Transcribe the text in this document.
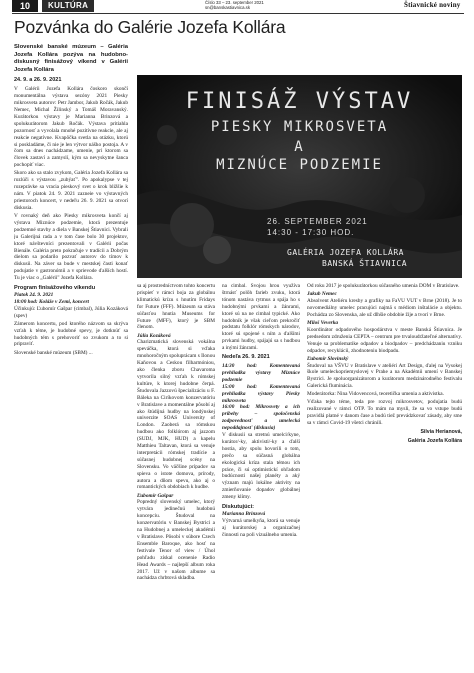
10	KULTÚRA	Číslo 33 – 23. september 2021
sn@banskastiavnica.sk	Štiavnické noviny
Pozvánka do Galérie Jozefa Kollára
FINISÁŽ VÝSTAV
PIESKY MIKROSVETA
A
MIZNÚCE PODZEMIE
26. SEPTEMBER 2021
14:30 - 17:30 HOD.
GALÉRIA JOZEFA KOLLÁRA
BANSKÁ ŠTIAVNICA
Slovenské banské múzeum – Galéria Jozefa Kollára pozýva na hudobno-diskusný finisážový víkend v Galérii Jozefa Kollára
24. 9. a 26. 9. 2021

V Galérii Jozefa Kollára čoskoro skončí monumentálna výstava sezóny 2021 Piesky mikrosveta autorov: Petr Jambor, Jakub Ročák, Jakub Nemec, Michal Žilinský a Tomáš Moravanský. Kurátorkou výstavy je Marianna Brinzová a spolukurátorom Jakub Ročák. Výstava pritiahla pozornosť a vyvolala mnohé pozitívne reakcie, ale aj reakcie negatívne. Kvapôčka svetla na otázku, ktorú si poskladáme, či nie je len výtvor nášho postoja. A v čom sa dnes nachádzame, umenie, pri ktorom sa človek zastaví a zamyslí, kým sa nevyskytne šanca pochopiť viac.

Skoro ako sa stalo zvykom, Galéria Jozefa Kollára sa rozlúči s výstavou „zubýať". Po apokalypse v tej rozeprávke sa vracia pieskový svet o krok bližšie k nám. V piatok 24. 9. 2021 zazneie vo výstavných priestoroch koncert, v nedeľu 26. 9. 2021 sa otvorí diskusia.

V rovnaký deň ako Piesky mikrosveta končí aj výstava Miznúce podzemie, ktorá prezentuje podzemné stavby a diela v Banskej Štiavnici. Vybrali ju Galerijná rada a v tom čase bolo 30 projektov, ktoré návštevníci prezentovali v Galérii počas Bienále. Galéria preto pokračuje v tradícii a Dobrým dielom sa podarilo pozvať autorov do tímov k diskusii. Na záver sa bude v mestskej časti konať podujatie v gastronómii a v sprievode ďalších hostí. Tu je viac o „Galérii" Jozefa Kollára.

Program finisážového víkendu
Piatok 24. 9. 2021
18:00 hod: Koláže v Zemi, koncert

Účinkujú: Ľubomír Gašpar (cimbal), Júlia Kozáková (spev)

Zámerom koncertu, pod ktorého názvom sa skrýva vzťah k téme, je hudobné spevy, je dotknúť sa hudobných tém s prehovoriť so zvukom a to si pripraviť.

Slovenské banské múzeum (SBM) ...

sa aj prostredníctvom tohto koncertu prispieť v rámci boja za globálnu klimatickú krízu s hnutím Fridays for Future (FFF). Múzeum sa stáva súčasťou hnutia Museums for Future (MFF), ktorý je SBM členom.

Júlia Kozáková

Charizmatická slovenská vokálna speváčka, ktorá si vďaka mnohoročným spoluprácam s Ilonou Kaňovou a Ceskou filharmóniou, ako členka zboru Chavaroma vytvorila silný vzťah k rómskej kultúre, k ktorej hudobne čerpá. Študovala Jazzovú špecializáciu u F. Báleka na Ciríkovom konzervatóriu v Bratislave a momentálne pôsobí aj ako štúdijná hudby na londýnskej univerzite SOAS University of London. Zaoberá sa rómskou hudbou ako folklórom aj jazzom (SUDJ, MJK, HUD) a kapelu Matthieu Taltavan, ktorá sa venuje interpretácii rómskej tradície a súčasnej hudobnej scény na Slovensku. Vo väčšine prípadov sa spieva o istote domova, prírody, autora a dňom spevu, ako aj o romantických obdobiach k hudbe.

Ľubomír Gašpar

Popredný slovenský umelec, ktorý vytvára jedinečnú hudobnú koncepciu. Študoval na konzervatóriu v Banskej Bystrici a na Hudobnej a umeleckej akadémii v Bratislave. Pôsobí v súbore Czech Ensemble Baroque, ako hosť na festivale Tenor of view / Úhol pohľadu získal ocenenie Radio Head Awards – najlepší album roka 2017. Už v našom albume sa nachádza chrbtová skladba.

na cimbal. Svojou hrou využíva štrnásť polôh farieb zvuku, ktorá tónom nastáva rytmus a spája ho s hudobnými prvkami a žánrami, ktoré sú na ne cimbal typické. Ako hudobník je však cieľom prekročiť podstatu folklór rómskych národov, ktoré sú spojené s ním a ďalšími prvkami hudby, spájajú sa s hudbou a inými žánrami.

Nedeľa 26. 9. 2021
14:30 hod: Komentovaná prehliadka výstavy Miznúce podzemie
15:00 hod: Komentovaná prehliadka výstavy Piesky mikrosveta
16:00 hod: Mikrosvety a ich príbehy – spoločenská zodpovednosť a umelecká nepoddajnosť (diskusia)

V diskusii sa stretnú umelci/kyne, kurátor/-ky, aktivisti/-ky a ďalší hostia, aby spolu hovorili o tom, prečo sa súčasná globálna ekologická kríza stala témou ich práce, či sú optimistickí ohľadom budúcnosti našej planéty a aký význam majú lokálne aktivity na zmierňovanie dopadov globálnej zmeny klímy.

Diskutujúci:
Marianna Brinzová

Výtvarná umelkyňa, ktorá sa venuje aj kurátorskej a organizačnej činnosti na poli vizuálneho umenia.

Od roku 2017 je spolukurátorkou súčasného umenia DOM v Bratislave.

Jakub Nemec

Absolvent Ateliéru kresby a grafiky na FaVU VUT v Brne (2018). Je to novomediálny umelec pracujúci najmä s médiom inštalácie a objektu. Pochádza zo Slovenska, ale už dlhšie obdobie žije a tvorí v Brne.

Miloš Veverka

Koordinátor odpadového hospodárstva v meste Banská Štiavnica. Je predsedom združenia CEPTA – centrum pre trvaloudržateľné alternatívy. Venuje sa problematike odpadov a biodpadov – predchádzaniu vzniku odpadov, recyklácii, zhodnoteniu biodpadu.

Ľubomír Slovinský

Študoval na VŠVU v Bratislave v ateliéri Art Design, ďalej na Vysokej škole umeleckopriemyslovej v Prahe a na Akadémii umení v Banskej Bystrici. Je spoluorganizátorom a kurátorom medzinárodného festivalu Galerická fluminácia.

Moderátorka: Nina Vidovencová, teoretička umenia a aktivistka.

Vďaka tejto téme, teda pre rozvoj mikrosvetov, podujatia budú realizované v rámci OTP. To mám na mysli, že sa vo vstupe budú pravidlá platné v danom čase a budú tiež prevádzkovať zásady, aby sme sa v rámci Covid-19 všetci chránili.

Silvia Herianová,
Galéria Jozefa Kollára
